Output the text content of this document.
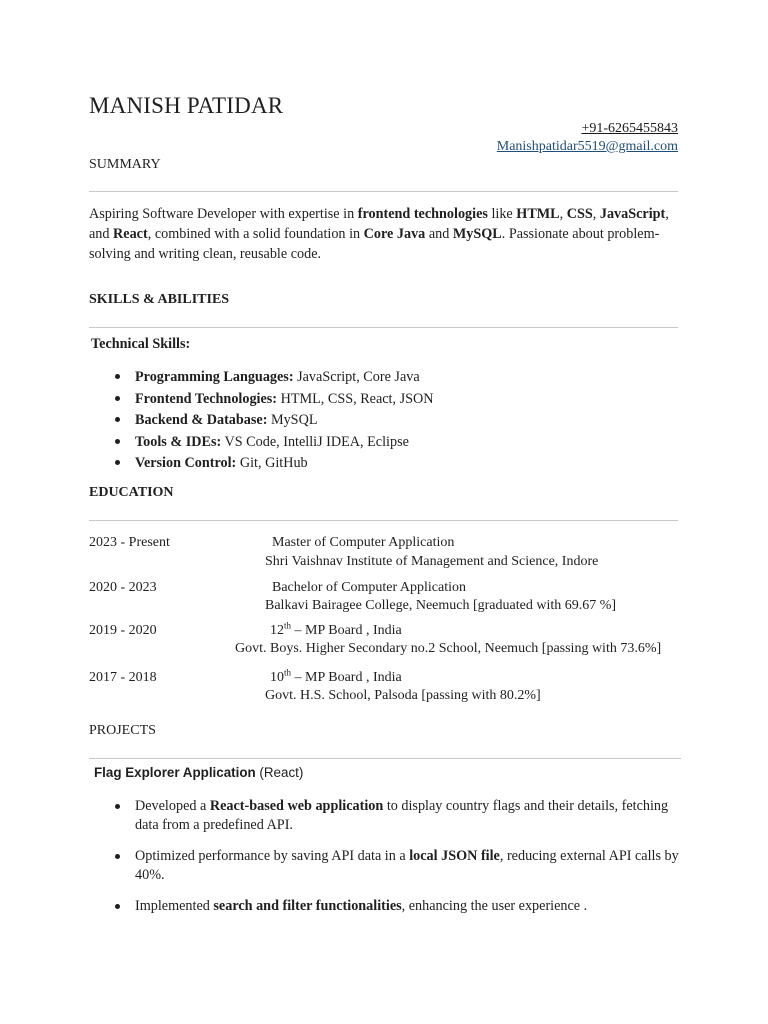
MANISH PATIDAR
+91-6265455843
Manishpatidar5519@gmail.com
SUMMARY
Aspiring Software Developer with expertise in frontend technologies like HTML, CSS, JavaScript, and React, combined with a solid foundation in Core Java and MySQL. Passionate about problem-solving and writing clean, reusable code.
SKILLS & ABILITIES
Technical Skills:
Programming Languages: JavaScript, Core Java
Frontend Technologies: HTML, CSS, React, JSON
Backend & Database: MySQL
Tools & IDEs: VS Code, IntelliJ IDEA, Eclipse
Version Control: Git, GitHub
EDUCATION
2023 - Present	Master of Computer Application
Shri Vaishnav Institute of Management and Science, Indore
2020 - 2023	Bachelor of Computer Application
Balkavi Bairagee College, Neemuch [graduated with 69.67 %]
2019 - 2020	12th – MP Board , India
Govt. Boys. Higher Secondary no.2 School, Neemuch [passing with 73.6%]
2017 - 2018	10th – MP Board , India
Govt. H.S. School, Palsoda [passing with 80.2%]
PROJECTS
Flag Explorer Application (React)
Developed a React-based web application to display country flags and their details, fetching data from a predefined API.
Optimized performance by saving API data in a local JSON file, reducing external API calls by 40%.
Implemented search and filter functionalities, enhancing the user experience .
